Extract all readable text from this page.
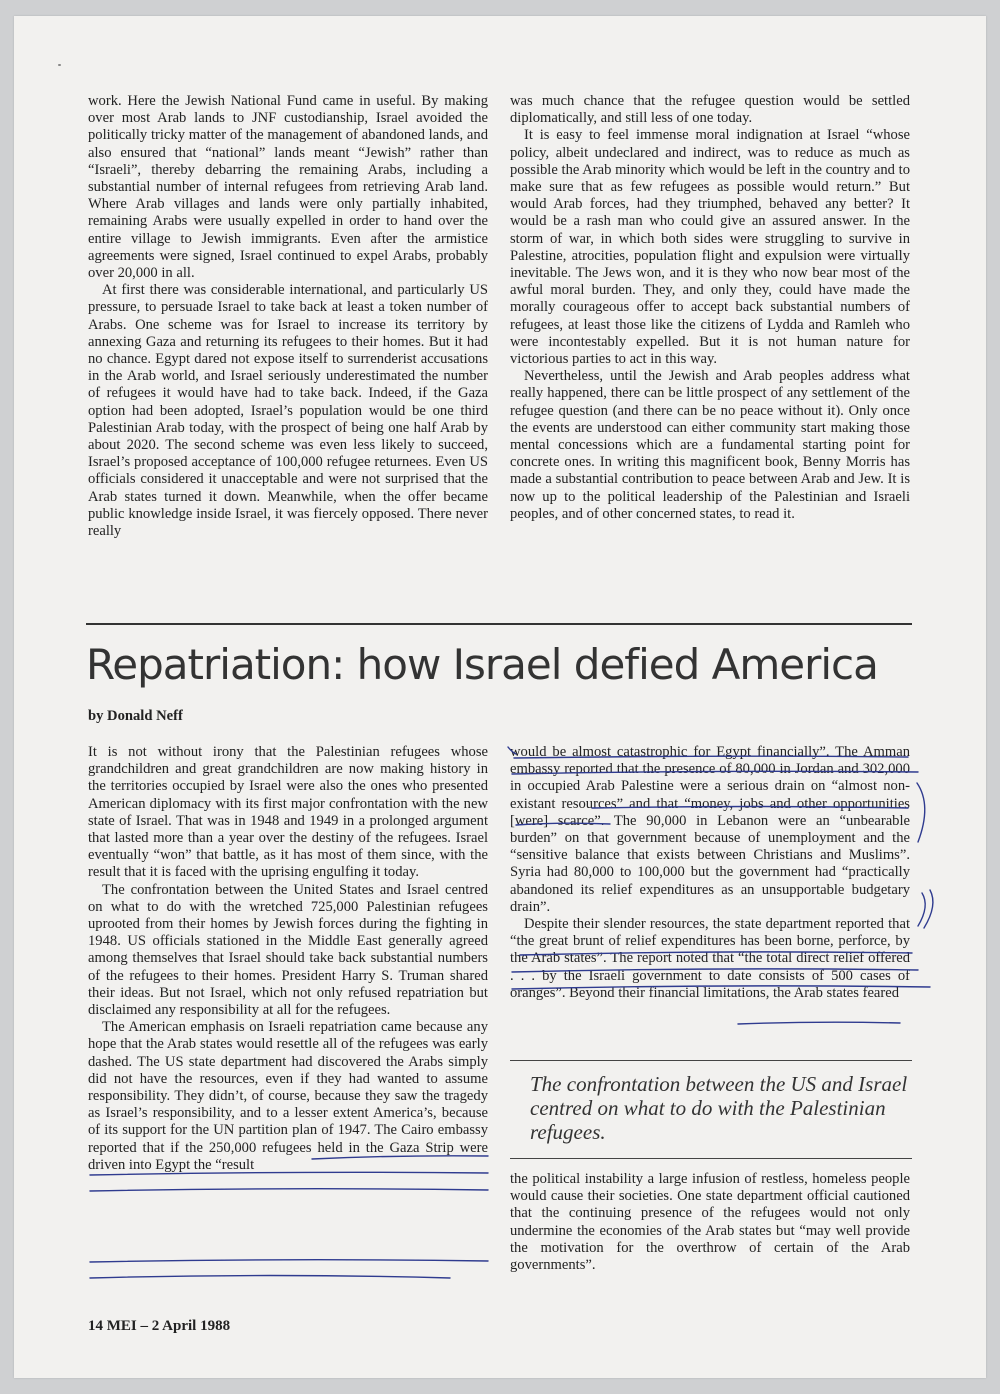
work. Here the Jewish National Fund came in useful. By making over most Arab lands to JNF custodianship, Israel avoided the politically tricky matter of the management of abandoned lands, and also ensured that “national” lands meant “Jewish” rather than “Israeli”, thereby debarring the remaining Arabs, including a substantial number of internal refugees from retrieving Arab land. Where Arab villages and lands were only partially inhabited, remaining Arabs were usually expelled in order to hand over the entire village to Jewish immigrants. Even after the armistice agreements were signed, Israel continued to expel Arabs, probably over 20,000 in all.

At first there was considerable international, and particularly US pressure, to persuade Israel to take back at least a token number of Arabs. One scheme was for Israel to increase its territory by annexing Gaza and returning its refugees to their homes. But it had no chance. Egypt dared not expose itself to surrenderist accusations in the Arab world, and Israel seriously underestimated the number of refugees it would have had to take back. Indeed, if the Gaza option had been adopted, Israel’s population would be one third Palestinian Arab today, with the prospect of being one half Arab by about 2020. The second scheme was even less likely to succeed, Israel’s proposed acceptance of 100,000 refugee returnees. Even US officials considered it unacceptable and were not surprised that the Arab states turned it down. Meanwhile, when the offer became public knowledge inside Israel, it was fiercely opposed. There never really

was much chance that the refugee question would be settled diplomatically, and still less of one today.

It is easy to feel immense moral indignation at Israel “whose policy, albeit undeclared and indirect, was to reduce as much as possible the Arab minority which would be left in the country and to make sure that as few refugees as possible would return.” But would Arab forces, had they triumphed, behaved any better? It would be a rash man who could give an assured answer. In the storm of war, in which both sides were struggling to survive in Palestine, atrocities, population flight and expulsion were virtually inevitable. The Jews won, and it is they who now bear most of the awful moral burden. They, and only they, could have made the morally courageous offer to accept back substantial numbers of refugees, at least those like the citizens of Lydda and Ramleh who were incontestably expelled. But it is not human nature for victorious parties to act in this way.

Nevertheless, until the Jewish and Arab peoples address what really happened, there can be little prospect of any settlement of the refugee question (and there can be no peace without it). Only once the events are understood can either community start making those mental concessions which are a fundamental starting point for concrete ones. In writing this magnificent book, Benny Morris has made a substantial contribution to peace between Arab and Jew. It is now up to the political leadership of the Palestinian and Israeli peoples, and of other concerned states, to read it.

Repatriation: how Israel defied America
by Donald Neff

It is not without irony that the Palestinian refugees whose grandchildren and great grandchildren are now making history in the territories occupied by Israel were also the ones who presented American diplomacy with its first major confrontation with the new state of Israel. That was in 1948 and 1949 in a prolonged argument that lasted more than a year over the destiny of the refugees. Israel eventually “won” that battle, as it has most of them since, with the result that it is faced with the uprising engulfing it today.

The confrontation between the United States and Israel centred on what to do with the wretched 725,000 Palestinian refugees uprooted from their homes by Jewish forces during the fighting in 1948. US officials stationed in the Middle East generally agreed among themselves that Israel should take back substantial numbers of the refugees to their homes. President Harry S. Truman shared their ideas. But not Israel, which not only refused repatriation but disclaimed any responsibility at all for the refugees.

The American emphasis on Israeli repatriation came because any hope that the Arab states would resettle all of the refugees was early dashed. The US state department had discovered the Arabs simply did not have the resources, even if they had wanted to assume responsibility. They didn’t, of course, because they saw the tragedy as Israel’s responsibility, and to a lesser extent America’s, because of its support for the UN partition plan of 1947. The Cairo embassy reported that if the 250,000 refugees held in the Gaza Strip were driven into Egypt the “result

would be almost catastrophic for Egypt financially”. The Amman embassy reported that the presence of 80,000 in Jordan and 302,000 in occupied Arab Palestine were a serious drain on “almost non-existant resources” and that “money, jobs and other opportunities [were] scarce”. The 90,000 in Lebanon were an “unbearable burden” on that government because of unemployment and the “sensitive balance that exists between Christians and Muslims”. Syria had 80,000 to 100,000 but the government had “practically abandoned its relief expenditures as an unsupportable budgetary drain”.

Despite their slender resources, the state department reported that “the great brunt of relief expenditures has been borne, perforce, by the Arab states”. The report noted that “the total direct relief offered . . . by the Israeli government to date consists of 500 cases of oranges”. Beyond their financial limitations, the Arab states feared

The confrontation between the US and Israel centred on what to do with the Palestinian refugees.

the political instability a large infusion of restless, homeless people would cause their societies. One state department official cautioned that the continuing presence of the refugees would not only undermine the economies of the Arab states but “may well provide the motivation for the overthrow of certain of the Arab governments”.

14 MEI – 2 April 1988
